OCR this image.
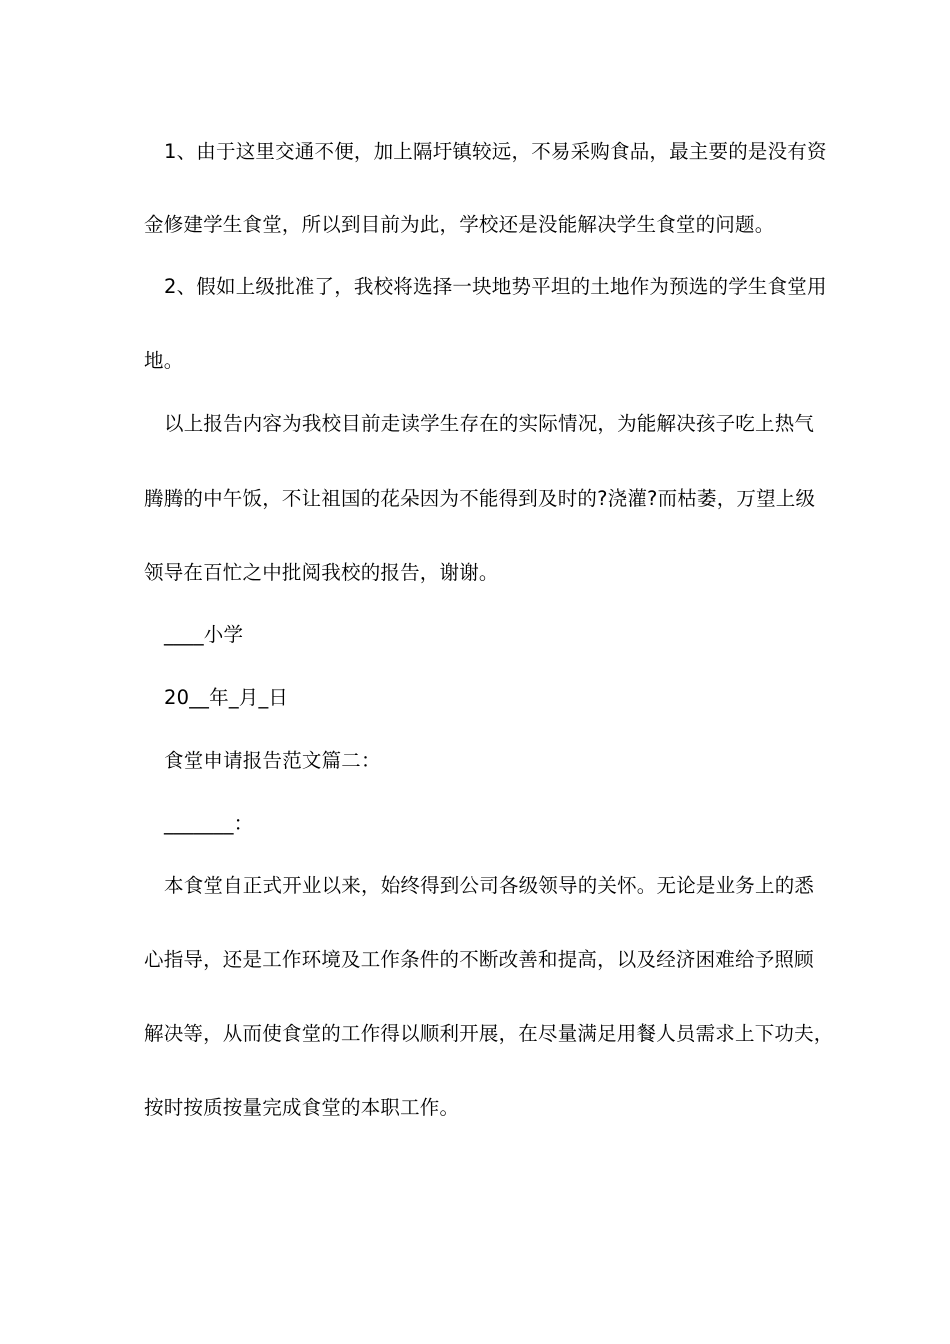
1、由于这里交通不便，加上隔圩镇较远，不易采购食品，最主要的是没有资
金修建学生食堂，所以到目前为此，学校还是没能解决学生食堂的问题。
2、假如上级批准了，我校将选择一块地势平坦的土地作为预选的学生食堂用
地。
以上报告内容为我校目前走读学生存在的实际情况，为能解决孩子吃上热气
腾腾的中午饭，不让祖国的花朵因为不能得到及时的?浇灌?而枯萎，万望上级
领导在百忙之中批阅我校的报告，谢谢。
____小学
20__年_月_日
食堂申请报告范文篇二：
_______：
本食堂自正式开业以来，始终得到公司各级领导的关怀。无论是业务上的悉
心指导，还是工作环境及工作条件的不断改善和提高，以及经济困难给予照顾
解决等，从而使食堂的工作得以顺利开展，在尽量满足用餐人员需求上下功夫，
按时按质按量完成食堂的本职工作。
